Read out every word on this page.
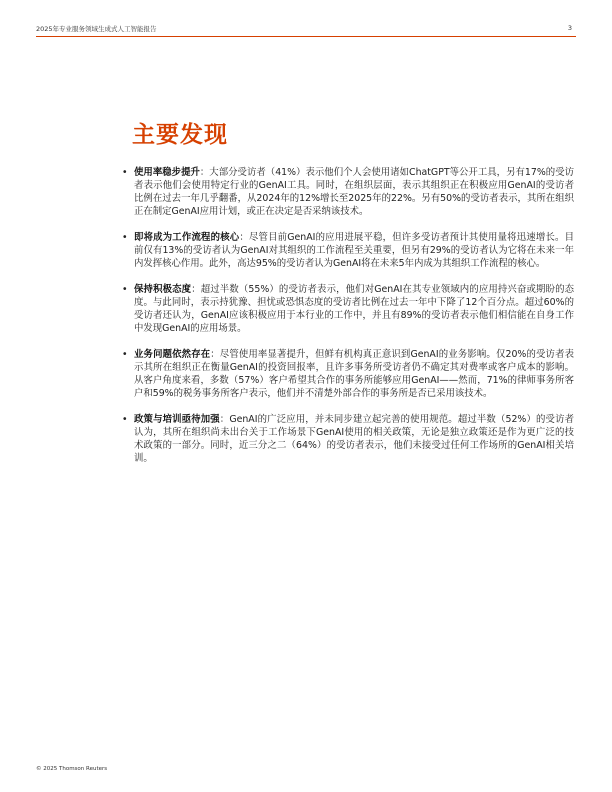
2025年专业服务领域生成式人工智能报告	3
主要发现
• 使用率稳步提升：大部分受访者（41%）表示他们个人会使用诸如ChatGPT等公开工具，另有17%的受访者表示他们会使用特定行业的GenAI工具。同时，在组织层面，表示其组织正在积极应用GenAI的受访者比例在过去一年几乎翻番，从2024年的12%增长至2025年的22%。另有50%的受访者表示，其所在组织正在制定GenAI应用计划，或正在决定是否采纳该技术。
• 即将成为工作流程的核心：尽管目前GenAI的应用进展平稳，但许多受访者预计其使用量将迅速增长。目前仅有13%的受访者认为GenAI对其组织的工作流程至关重要，但另有29%的受访者认为它将在未来一年内发挥核心作用。此外，高达95%的受访者认为GenAI将在未来5年内成为其组织工作流程的核心。
• 保持积极态度：超过半数（55%）的受访者表示，他们对GenAI在其专业领域内的应用持兴奋或期盼的态度。与此同时，表示持犹豫、担忧或恐惧态度的受访者比例在过去一年中下降了12个百分点。超过60%的受访者还认为，GenAI应该积极应用于本行业的工作中，并且有89%的受访者表示他们相信能在自身工作中发现GenAI的应用场景。
• 业务问题依然存在：尽管使用率显著提升，但鲜有机构真正意识到GenAI的业务影响。仅20%的受访者表示其所在组织正在衡量GenAI的投资回报率，且许多事务所受访者仍不确定其对费率或客户成本的影响。从客户角度来看，多数（57%）客户希望其合作的事务所能够应用GenAI——然而，71%的律师事务所客户和59%的税务事务所客户表示，他们并不清楚外部合作的事务所是否已采用该技术。
• 政策与培训亟待加强：GenAI的广泛应用，并未同步建立起完善的使用规范。超过半数（52%）的受访者认为，其所在组织尚未出台关于工作场景下GenAI使用的相关政策，无论是独立政策还是作为更广泛的技术政策的一部分。同时，近三分之二（64%）的受访者表示，他们未接受过任何工作场所的GenAI相关培训。
© 2025 Thomson Reuters
